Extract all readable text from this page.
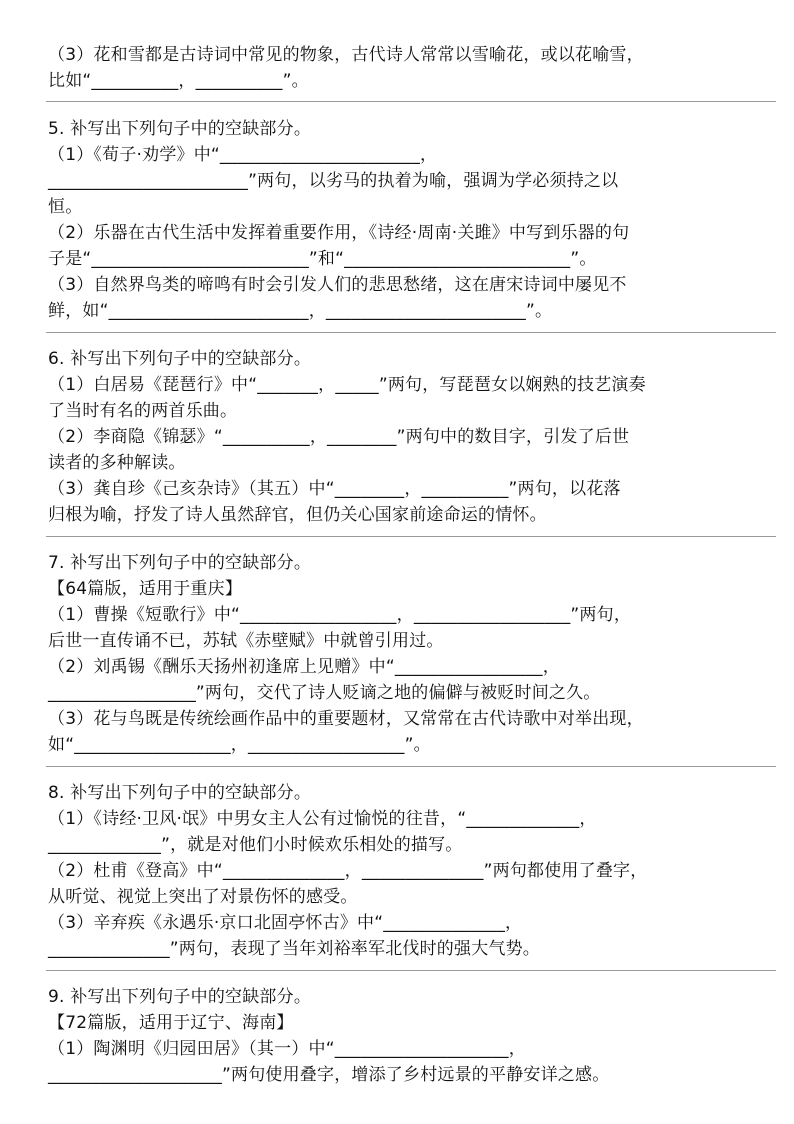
（3）花和雪都是古诗词中常见的物象，古代诗人常常以雪喻花，或以花喻雪，
比如“__________，__________”。
5. 补写出下列句子中的空缺部分。
（1）《荀子·劝学》中“_______________________，
_______________________”两句，以劣马的执着为喻，强调为学必须持之以
恒。
（2）乐器在古代生活中发挥着重要作用，《诗经·周南·关雎》中写到乐器的句
子是“_________________________”和“__________________________”。
（3）自然界鸟类的啼鸣有时会引发人们的悲思愁绪，这在唐宋诗词中屡见不
鲜，如“_______________________，_______________________”。
6. 补写出下列句子中的空缺部分。
（1）白居易《琵琶行》中“_______，_____”两句，写琵琶女以娴熟的技艺演奏
了当时有名的两首乐曲。
（2）李商隐《锦瑟》“__________，________”两句中的数目字，引发了后世
读者的多种解读。
（3）龚自珍《己亥杂诗》（其五）中“________，__________”两句，以花落
归根为喻，抒发了诗人虽然辞官，但仍关心国家前途命运的情怀。
7. 补写出下列句子中的空缺部分。
【64篇版，适用于重庆】
（1）曹操《短歌行》中“__________________，__________________”两句，
后世一直传诵不已，苏轼《赤壁赋》中就曾引用过。
（2）刘禹锡《酬乐天扬州初逢席上见赠》中“_________________，
_________________”两句，交代了诗人贬谪之地的偏僻与被贬时间之久。
（3）花与鸟既是传统绘画作品中的重要题材，又常常在古代诗歌中对举出现，
如“__________________，__________________”。
8. 补写出下列句子中的空缺部分。
（1）《诗经·卫风·氓》中男女主人公有过愉悦的往昔，“_____________，
_____________”，就是对他们小时候欢乐相处的描写。
（2）杜甫《登高》中“______________，______________”两句都使用了叠字，
从听觉、视觉上突出了对景伤怀的感受。
（3）辛弃疾《永遇乐·京口北固亭怀古》中“______________，
______________”两句，表现了当年刘裕率军北伐时的强大气势。
9. 补写出下列句子中的空缺部分。
【72篇版，适用于辽宁、海南】
（1）陶渊明《归园田居》（其一）中“____________________，
____________________”两句使用叠字，增添了乡村远景的平静安详之感。
